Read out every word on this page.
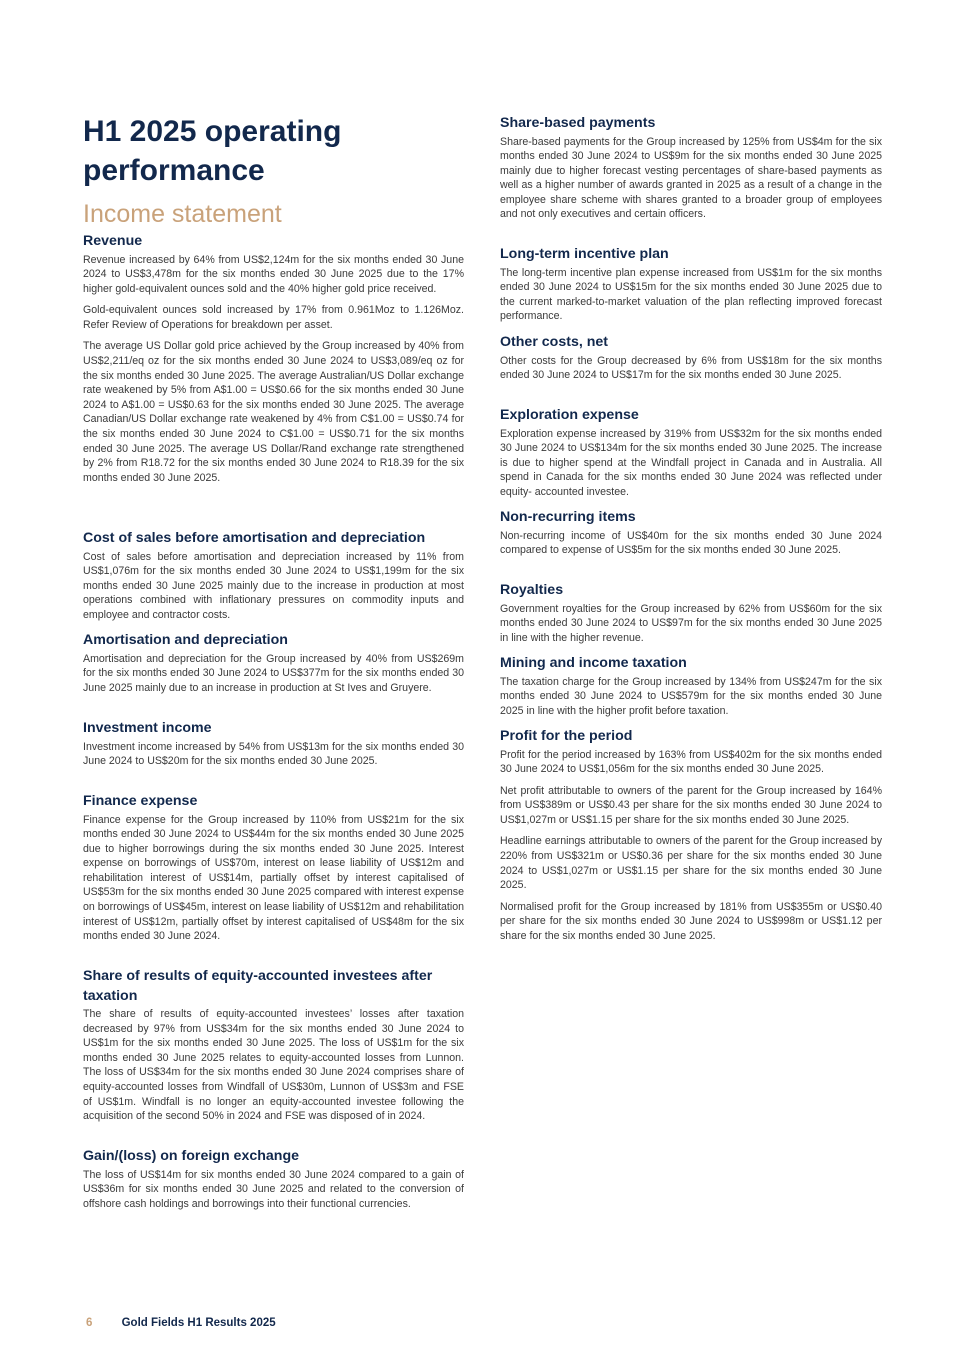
H1 2025 operating performance
Income statement
Revenue

Revenue increased by 64% from US$2,124m for the six months ended 30 June 2024 to US$3,478m for the six months ended 30 June 2025 due to the 17% higher gold-equivalent ounces sold and the 40% higher gold price received.

Gold-equivalent ounces sold increased by 17% from 0.961Moz to 1.126Moz. Refer Review of Operations for breakdown per asset.

The average US Dollar gold price achieved by the Group increased by 40% from US$2,211/eq oz for the six months ended 30 June 2024 to US$3,089/eq oz for the six months ended 30 June 2025. The average Australian/US Dollar exchange rate weakened by 5% from A$1.00 = US$0.66 for the six months ended 30 June 2024 to A$1.00 = US$0.63 for the six months ended 30 June 2025. The average Canadian/US Dollar exchange rate weakened by 4% from C$1.00 = US$0.74 for the six months ended 30 June 2024 to C$1.00 = US$0.71 for the six months ended 30 June 2025. The average US Dollar/Rand exchange rate strengthened by 2% from R18.72 for the six months ended 30 June 2024 to R18.39 for the six months ended 30 June 2025.

Cost of sales before amortisation and depreciation

Cost of sales before amortisation and depreciation increased by 11% from US$1,076m for the six months ended 30 June 2024 to US$1,199m for the six months ended 30 June 2025 mainly due to the increase in production at most operations combined with inflationary pressures on commodity inputs and employee and contractor costs.

Amortisation and depreciation

Amortisation and depreciation for the Group increased by 40% from US$269m for the six months ended 30 June 2024 to US$377m for the six months ended 30 June 2025 mainly due to an increase in production at St Ives and Gruyere.

Investment income

Investment income increased by 54% from US$13m for the six months ended 30 June 2024 to US$20m for the six months ended 30 June 2025.

Finance expense

Finance expense for the Group increased by 110% from US$21m for the six months ended 30 June 2024 to US$44m for the six months ended 30 June 2025 due to higher borrowings during the six months ended 30 June 2025. Interest expense on borrowings of US$70m, interest on lease liability of US$12m and rehabilitation interest of US$14m, partially offset by interest capitalised of US$53m for the six months ended 30 June 2025 compared with interest expense on borrowings of US$45m, interest on lease liability of US$12m and rehabilitation interest of US$12m, partially offset by interest capitalised of US$48m for the six months ended 30 June 2024.

Share of results of equity-accounted investees after taxation

The share of results of equity-accounted investees’ losses after taxation decreased by 97% from US$34m for the six months ended 30 June 2024 to US$1m for the six months ended 30 June 2025. The loss of US$1m for the six months ended 30 June 2025 relates to equity-accounted losses from Lunnon. The loss of US$34m for the six months ended 30 June 2024 comprises share of equity-accounted losses from Windfall of US$30m, Lunnon of US$3m and FSE of US$1m. Windfall is no longer an equity-accounted investee following the acquisition of the second 50% in 2024 and FSE was disposed of in 2024.

Gain/(loss) on foreign exchange

The loss of US$14m for six months ended 30 June 2024 compared to a gain of US$36m for six months ended 30 June 2025 and related to the conversion of offshore cash holdings and borrowings into their functional currencies.

Share-based payments

Share-based payments for the Group increased by 125% from US$4m for the six months ended 30 June 2024 to US$9m for the six months ended 30 June 2025 mainly due to higher forecast vesting percentages of share-based payments as well as a higher number of awards granted in 2025 as a result of a change in the employee share scheme with shares granted to a broader group of employees and not only executives and certain officers.

Long-term incentive plan

The long-term incentive plan expense increased from US$1m for the six months ended 30 June 2024 to US$15m for the six months ended 30 June 2025 due to the current marked-to-market valuation of the plan reflecting improved forecast performance.

Other costs, net

Other costs for the Group decreased by 6% from US$18m for the six months ended 30 June 2024 to US$17m for the six months ended 30 June 2025.

Exploration expense

Exploration expense increased by 319% from US$32m for the six months ended 30 June 2024 to US$134m for the six months ended 30 June 2025. The increase is due to higher spend at the Windfall project in Canada and in Australia. All spend in Canada for the six months ended 30 June 2024 was reflected under equity- accounted investee.

Non-recurring items

Non-recurring income of US$40m for the six months ended 30 June 2024 compared to expense of US$5m for the six months ended 30 June 2025.

Royalties

Government royalties for the Group increased by 62% from US$60m for the six months ended 30 June 2024 to US$97m for the six months ended 30 June 2025 in line with the higher revenue.

Mining and income taxation

The taxation charge for the Group increased by 134% from US$247m for the six months ended 30 June 2024 to US$579m for the six months ended 30 June 2025 in line with the higher profit before taxation.

Profit for the period

Profit for the period increased by 163% from US$402m for the six months ended 30 June 2024 to US$1,056m for the six months ended 30 June 2025.

Net profit attributable to owners of the parent for the Group increased by 164% from US$389m or US$0.43 per share for the six months ended 30 June 2024 to US$1,027m or US$1.15 per share for the six months ended 30 June 2025.

Headline earnings attributable to owners of the parent for the Group increased by 220% from US$321m or US$0.36 per share for the six months ended 30 June 2024 to US$1,027m or US$1.15 per share for the six months ended 30 June 2025.

Normalised profit for the Group increased by 181% from US$355m or US$0.40 per share for the six months ended 30 June 2024 to US$998m or US$1.12 per share for the six months ended 30 June 2025.

6	Gold Fields H1 Results 2025
